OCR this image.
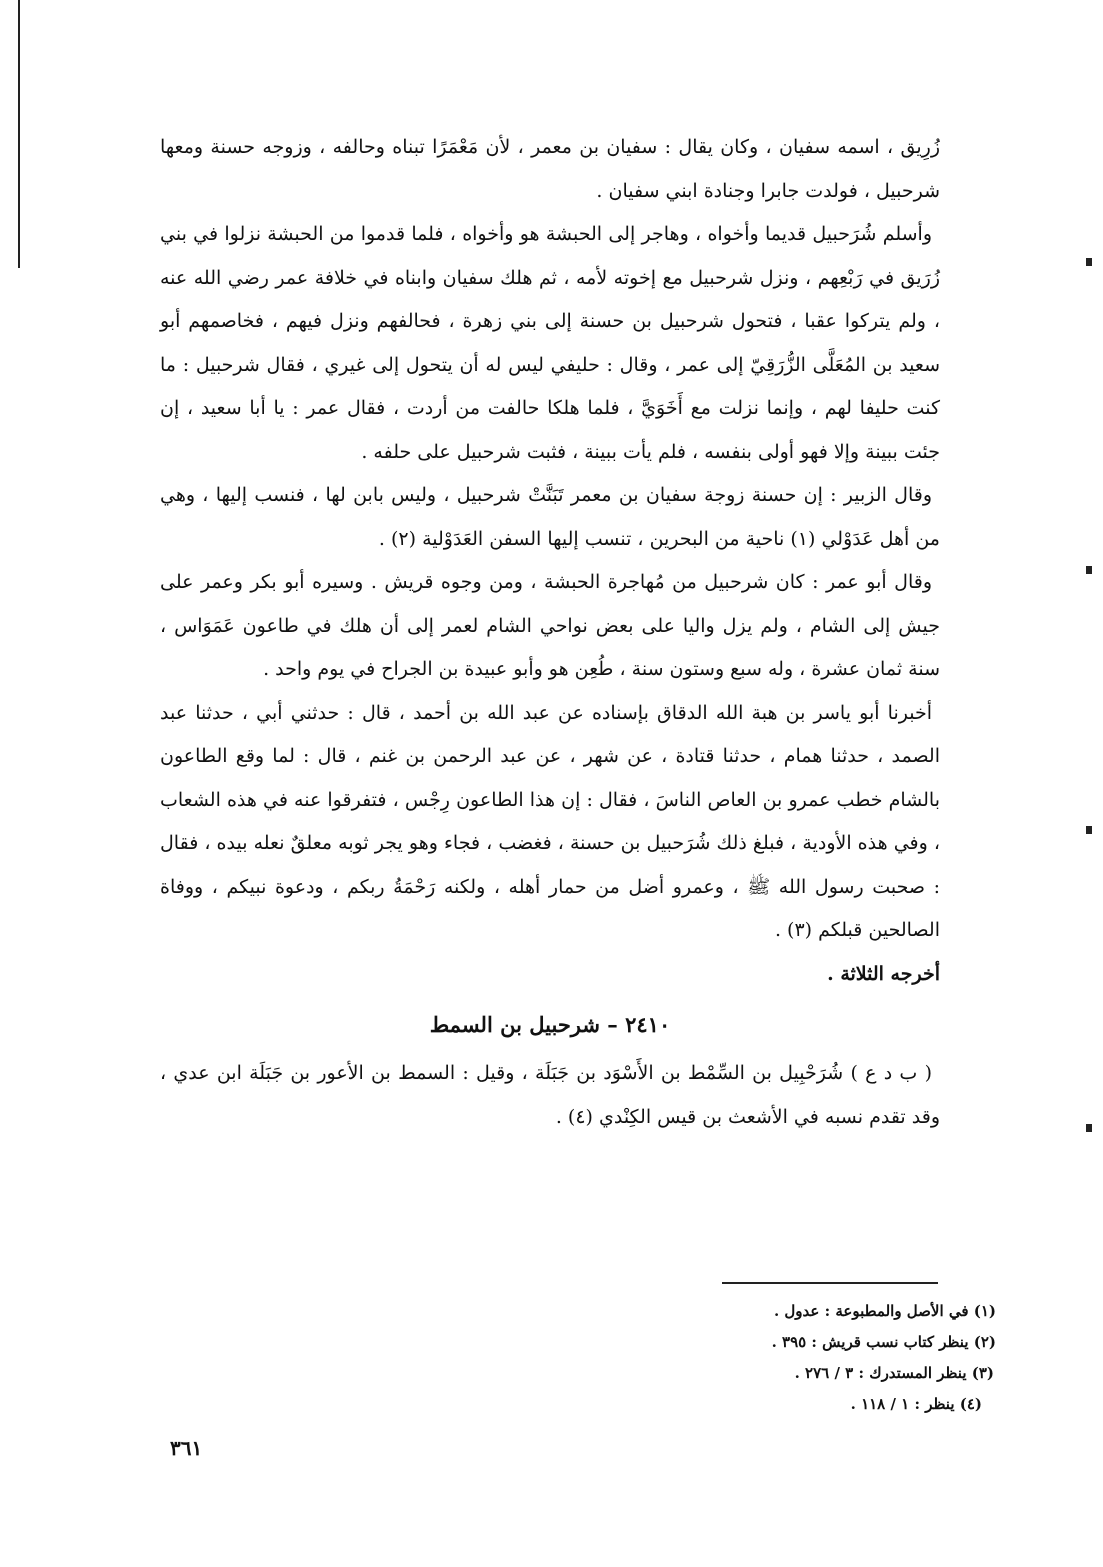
زُرِيق ، اسمه سفيان ، وكان يقال : سفيان بن معمر ، لأن مَعْمَرًا تبناه وحالفه ، وزوجه حسنة ومعها شرحبيل ، فولدت جابرا وجنادة ابني سفيان .

وأسلم شُرَحبيل قديما وأخواه ، وهاجر إلى الحبشة هو وأخواه ، فلما قدموا من الحبشة نزلوا في بني زُرَيق في رَبْعِهم ، ونزل شرحبيل مع إخوته لأمه ، ثم هلك سفيان وابناه في خلافة عمر رضي الله عنه ، ولم يتركوا عقبا ، فتحول شرحبيل بن حسنة إلى بني زهرة ، فحالفهم ونزل فيهم ، فخاصمهم أبو سعيد بن المُعَلَّى الزُّرَقِيّ إلى عمر ، وقال : حليفي ليس له أن يتحول إلى غيري ، فقال شرحبيل : ما كنت حليفا لهم ، وإنما نزلت مع أَخَوَيَّ ، فلما هلكا حالفت من أردت ، فقال عمر : يا أبا سعيد ، إن جئت ببينة وإلا فهو أولى بنفسه ، فلم يأت ببينة ، فثبت شرحبيل على حلفه .

وقال الزبير : إن حسنة زوجة سفيان بن معمر تَبَنَّتْ شرحبيل ، وليس بابن لها ، فنسب إليها ، وهي من أهل عَدَوْلي (١) ناحية من البحرين ، تنسب إليها السفن العَدَوْلية (٢) .

وقال أبو عمر : كان شرحبيل من مُهاجرة الحبشة ، ومن وجوه قريش . وسيره أبو بكر وعمر على جيش إلى الشام ، ولم يزل واليا على بعض نواحي الشام لعمر إلى أن هلك في طاعون عَمَوَاس ، سنة ثمان عشرة ، وله سبع وستون سنة ، طُعِن هو وأبو عبيدة بن الجراح في يوم واحد .

أخبرنا أبو ياسر بن هبة الله الدقاق بإسناده عن عبد الله بن أحمد ، قال : حدثني أبي ، حدثنا عبد الصمد ، حدثنا همام ، حدثنا قتادة ، عن شهر ، عن عبد الرحمن بن غنم ، قال : لما وقع الطاعون بالشام خطب عمرو بن العاص الناسَ ، فقال : إن هذا الطاعون رِجْس ، فتفرقوا عنه في هذه الشعاب ، وفي هذه الأودية ، فبلغ ذلك شُرَحبيل بن حسنة ، فغضب ، فجاء وهو يجر ثوبه معلقٌ نعله بيده ، فقال : صحبت رسول الله ﷺ ، وعمرو أضل من حمار أهله ، ولكنه رَحْمَةُ ربكم ، ودعوة نبيكم ، ووفاة الصالحين قبلكم (٣) .

أخرجه الثلاثة .

٢٤١٠ – شرحبيل بن السمط

( ب د ع ) شُرَحْبِيل بن السِّمْط بن الأَسْوَد بن جَبَلَة ، وقيل : السمط بن الأعور بن جَبَلَة ابن عدي ، وقد تقدم نسبه في الأشعث بن قيس الكِنْدي (٤) .

(١) في الأصل والمطبوعة : عدول .
(٢) ينظر كتاب نسب قريش : ٣٩٥ .
(٣) ينظر المستدرك : ٣ / ٢٧٦ .
(٤) ينظر : ١ / ١١٨ .
٣٦١
